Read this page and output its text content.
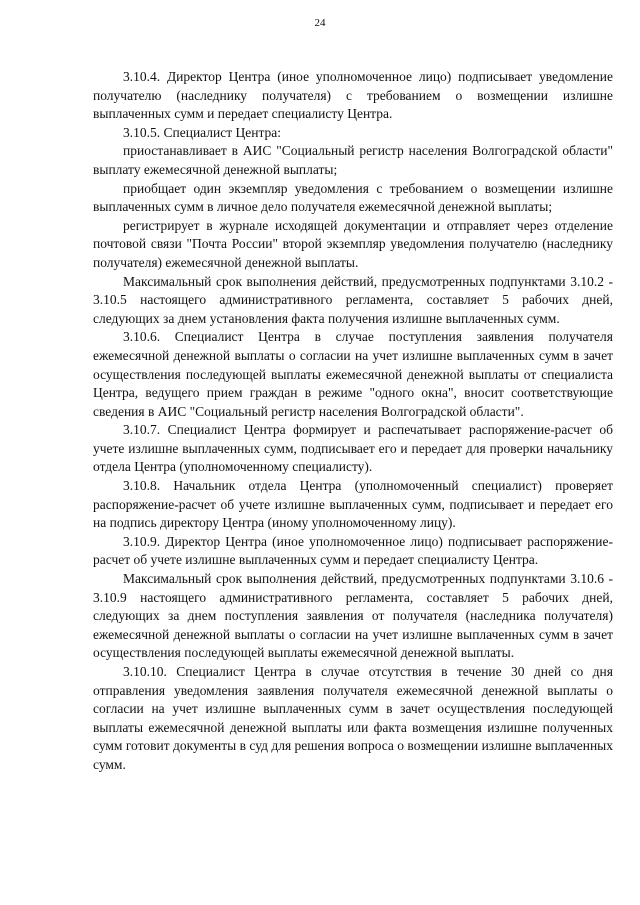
24

3.10.4. Директор Центра (иное уполномоченное лицо) подписывает уведомление получателю (наследнику получателя) с требованием о возмещении излишне выплаченных сумм и передает специалисту Центра.

3.10.5. Специалист Центра:

приостанавливает в АИС "Социальный регистр населения Волгоградской области" выплату ежемесячной денежной выплаты;

приобщает один экземпляр уведомления с требованием о возмещении излишне выплаченных сумм в личное дело получателя ежемесячной денежной выплаты;

регистрирует в журнале исходящей документации и отправляет через отделение почтовой связи "Почта России" второй экземпляр уведомления получателю (наследнику получателя) ежемесячной денежной выплаты.

Максимальный срок выполнения действий, предусмотренных подпунктами 3.10.2 - 3.10.5 настоящего административного регламента, составляет 5 рабочих дней, следующих за днем установления факта получения излишне выплаченных сумм.

3.10.6. Специалист Центра в случае поступления заявления получателя ежемесячной денежной выплаты о согласии на учет излишне выплаченных сумм в зачет осуществления последующей выплаты ежемесячной денежной выплаты от специалиста Центра, ведущего прием граждан в режиме "одного окна", вносит соответствующие сведения в АИС "Социальный регистр населения Волгоградской области".

3.10.7. Специалист Центра формирует и распечатывает распоряжение-расчет об учете излишне выплаченных сумм, подписывает его и передает для проверки начальнику отдела Центра (уполномоченному специалисту).

3.10.8. Начальник отдела Центра (уполномоченный специалист) проверяет распоряжение-расчет об учете излишне выплаченных сумм, подписывает и передает его на подпись директору Центра (иному уполномоченному лицу).

3.10.9. Директор Центра (иное уполномоченное лицо) подписывает распоряжение-расчет об учете излишне выплаченных сумм и передает специалисту Центра.

Максимальный срок выполнения действий, предусмотренных подпунктами 3.10.6 - 3.10.9 настоящего административного регламента, составляет 5 рабочих дней, следующих за днем поступления заявления от получателя (наследника получателя) ежемесячной денежной выплаты о согласии на учет излишне выплаченных сумм в зачет осуществления последующей выплаты ежемесячной денежной выплаты.

3.10.10. Специалист Центра в случае отсутствия в течение 30 дней со дня отправления уведомления заявления получателя ежемесячной денежной выплаты о согласии на учет излишне выплаченных сумм в зачет осуществления последующей выплаты ежемесячной денежной выплаты или факта возмещения излишне полученных сумм готовит документы в суд для решения вопроса о возмещении излишне выплаченных сумм.
